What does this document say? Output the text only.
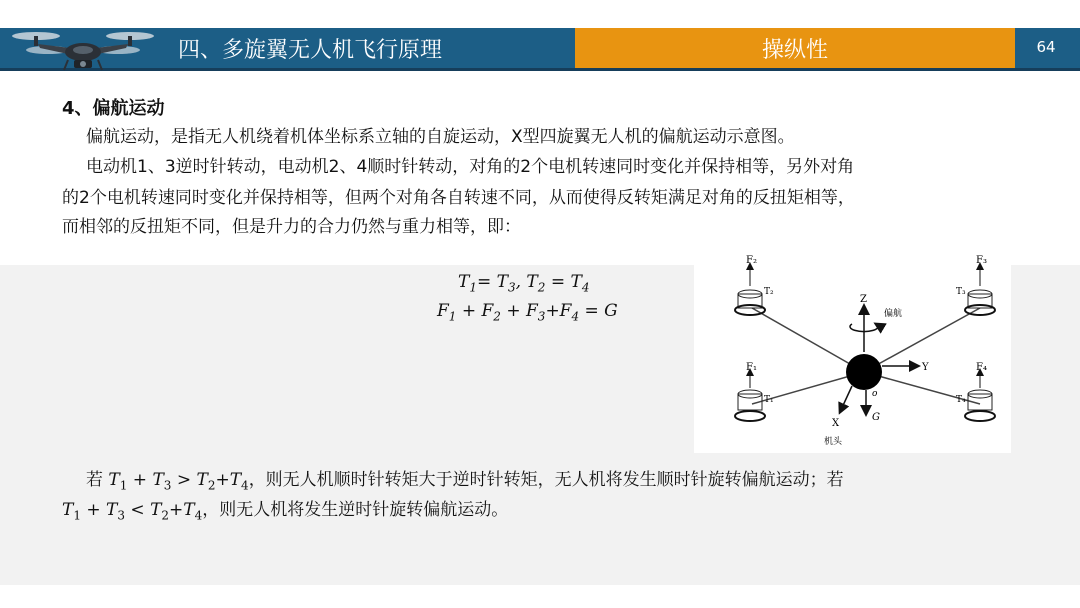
四、多旋翼无人机飞行原理	操纵性	64
4、偏航运动
偏航运动，是指无人机绕着机体坐标系立轴的自旋运动，X型四旋翼无人机的偏航运动示意图。
电动机1、3逆时针转动，电动机2、4顺时针转动，对角的2个电机转速同时变化并保持相等，另外对角
的2个电机转速同时变化并保持相等，但两个对角各自转速不同，从而使得反转矩满足对角的反扭矩相等，
而相邻的反扭矩不同，但是升力的合力仍然与重力相等，即：
$T_1= T_3$, $T_2 = T_4$
$F_1 + F_2 + F_3+F_4 = G$
F₂
T₂
F₃
T₃
F₁
T₁
F₄
T₄
Z
偏航
Y
X
o
G
机头
若 $T_1 + T_3 > T_2+T_4$，则无人机顺时针转矩大于逆时针转矩，无人机将发生顺时针旋转偏航运动；若
$T_1 + T_3 < T_2+T_4$，则无人机将发生逆时针旋转偏航运动。
